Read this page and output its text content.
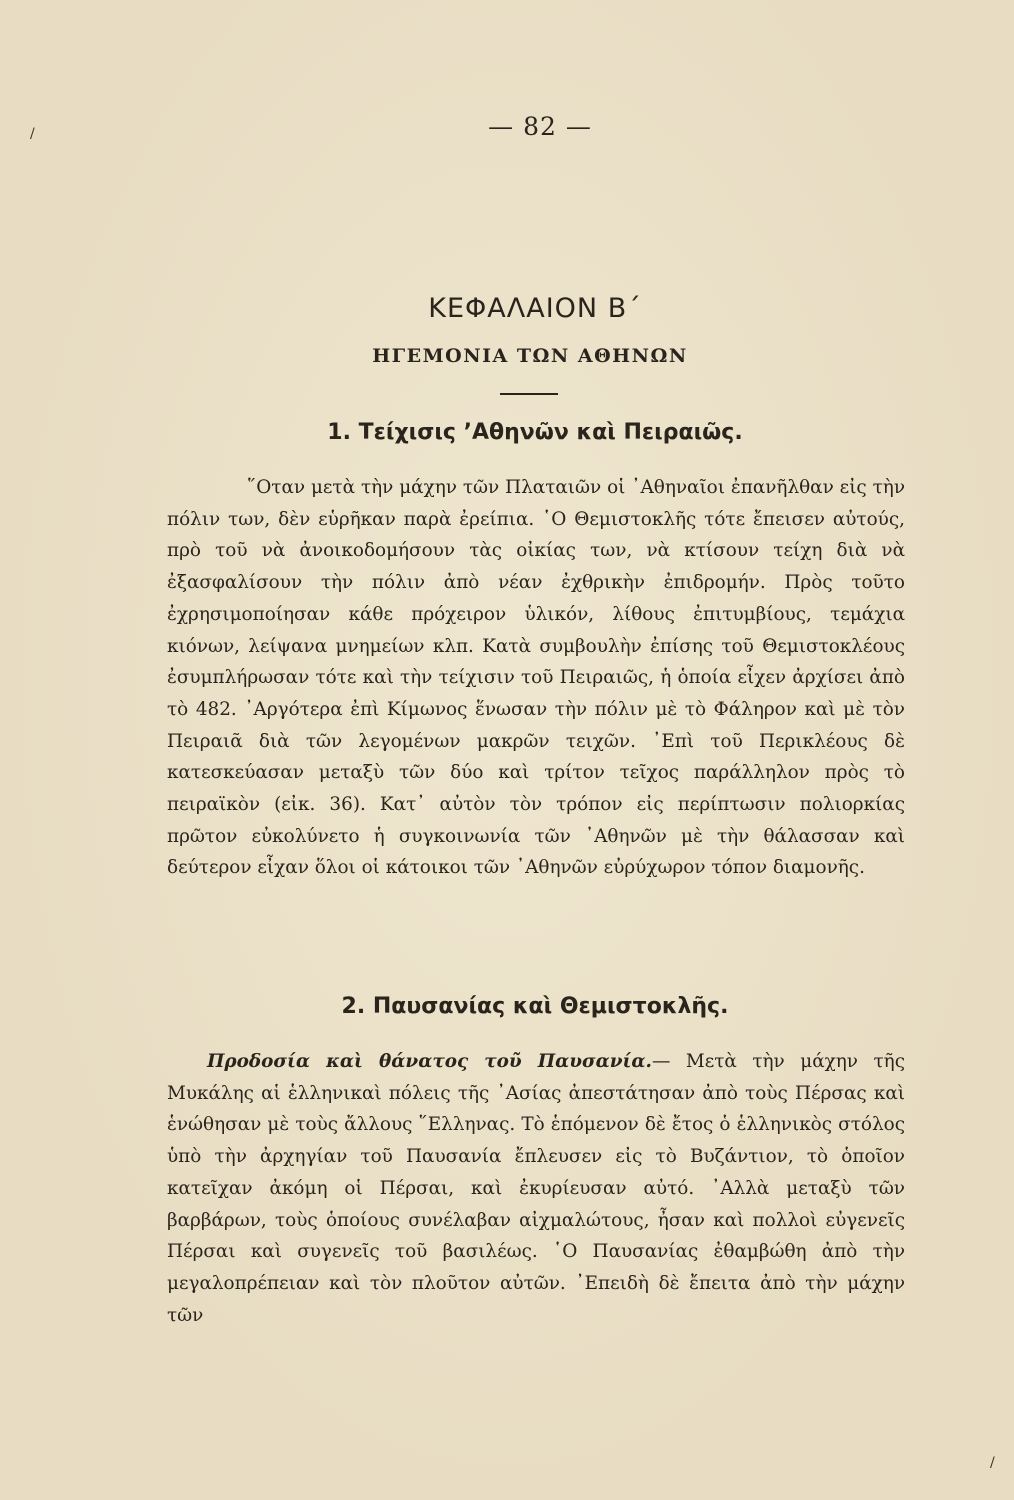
— 82 —
ΚΕΦΑΛΑΙΟΝ Β΄
ΗΓΕΜΟΝΙΑ ΤΩΝ ΑΘΗΝΩΝ
1. Τείχισις ’Αθηνῶν καὶ Πειραιῶς.

῞Οταν μετὰ τὴν μάχην τῶν Πλαταιῶν οἱ ᾿Αθηναῖοι ἐπανῆλθαν εἰς τὴν πόλιν των, δὲν εὑρῆκαν παρὰ ἐρείπια. ῾Ο Θεμιστοκλῆς τότε ἔπεισεν αὐτούς, πρὸ τοῦ νὰ ἀνοικοδομήσουν τὰς οἰκίας των, νὰ κτίσουν τείχη διὰ νὰ ἐξασφαλίσουν τὴν πόλιν ἀπὸ νέαν ἐχθρικὴν ἐπιδρομήν. Πρὸς τοῦτο ἐχρησιμοποίησαν κάθε πρόχειρον ὑλικόν, λίθους ἐπιτυμβίους, τεμάχια κιόνων, λείψανα μνημείων κλπ. Κατὰ συμβουλὴν ἐπίσης τοῦ Θεμιστοκλέους ἐσυμπλήρωσαν τότε καὶ τὴν τείχισιν τοῦ Πειραιῶς, ἡ ὁποία εἶχεν ἀρχίσει ἀπὸ τὸ 482. ᾿Αργότερα ἐπὶ Κίμωνος ἕνωσαν τὴν πόλιν μὲ τὸ Φάληρον καὶ μὲ τὸν Πειραιᾶ διὰ τῶν λεγομένων μακρῶν τειχῶν. ᾿Επὶ τοῦ Περικλέους δὲ κατεσκεύασαν μεταξὺ τῶν δύο καὶ τρίτον τεῖχος παράλληλον πρὸς τὸ πειραϊκὸν (εἰκ. 36). Κατ᾿ αὐτὸν τὸν τρόπον εἰς περίπτωσιν πολιορκίας πρῶτον εὐκολύνετο ἡ συγκοινωνία τῶν ᾿Αθηνῶν μὲ τὴν θάλασσαν καὶ δεύτερον εἶχαν ὅλοι οἱ κάτοικοι τῶν ᾿Αθηνῶν εὐρύχωρον τόπον διαμονῆς.

2. Παυσανίας καὶ Θεμιστοκλῆς.

Προδοσία καὶ θάνατος τοῦ Παυσανία.— Μετὰ τὴν μάχην τῆς Μυκάλης αἱ ἑλληνικαὶ πόλεις τῆς ᾿Ασίας ἀπεστάτησαν ἀπὸ τοὺς Πέρσας καὶ ἑνώθησαν μὲ τοὺς ἄλλους ῞Ελληνας. Τὸ ἑπόμενον δὲ ἔτος ὁ ἑλληνικὸς στόλος ὑπὸ τὴν ἀρχηγίαν τοῦ Παυσανία ἔπλευσεν εἰς τὸ Βυζάντιον, τὸ ὁποῖον κατεῖχαν ἀκόμη οἱ Πέρσαι, καὶ ἐκυρίευσαν αὐτό. ᾿Αλλὰ μεταξὺ τῶν βαρβάρων, τοὺς ὁποίους συνέλαβαν αἰχμαλώτους, ἦσαν καὶ πολλοὶ εὐγενεῖς Πέρσαι καὶ συγενεῖς τοῦ βασιλέως. ῾Ο Παυσανίας ἐθαμβώθη ἀπὸ τὴν μεγαλοπρέπειαν καὶ τὸν πλοῦτον αὐτῶν. ᾿Επειδὴ δὲ ἔπειτα ἀπὸ τὴν μάχην τῶν

/
/
